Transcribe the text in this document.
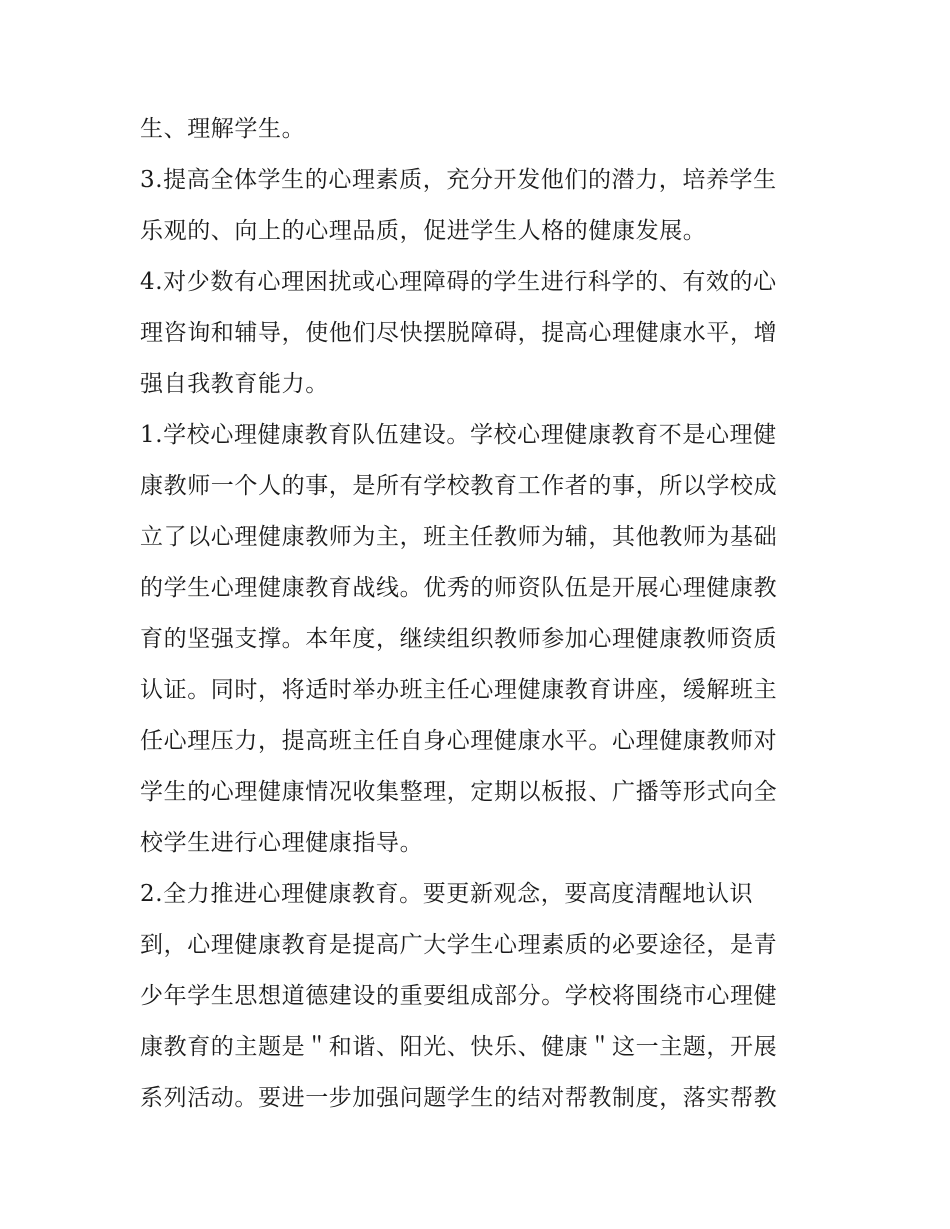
生、理解学生。
3.提高全体学生的心理素质，充分开发他们的潜力，培养学生
乐观的、向上的心理品质，促进学生人格的健康发展。
4.对少数有心理困扰或心理障碍的学生进行科学的、有效的心
理咨询和辅导，使他们尽快摆脱障碍，提高心理健康水平，增
强自我教育能力。
1.学校心理健康教育队伍建设。学校心理健康教育不是心理健
康教师一个人的事，是所有学校教育工作者的事，所以学校成
立了以心理健康教师为主，班主任教师为辅，其他教师为基础
的学生心理健康教育战线。优秀的师资队伍是开展心理健康教
育的坚强支撑。本年度，继续组织教师参加心理健康教师资质
认证。同时，将适时举办班主任心理健康教育讲座，缓解班主
任心理压力，提高班主任自身心理健康水平。心理健康教师对
学生的心理健康情况收集整理，定期以板报、广播等形式向全
校学生进行心理健康指导。
2.全力推进心理健康教育。要更新观念，要高度清醒地认识
到，心理健康教育是提高广大学生心理素质的必要途径，是青
少年学生思想道德建设的重要组成部分。学校将围绕市心理健
康教育的主题是＂和谐、阳光、快乐、健康＂这一主题，开展
系列活动。要进一步加强问题学生的结对帮教制度，落实帮教
